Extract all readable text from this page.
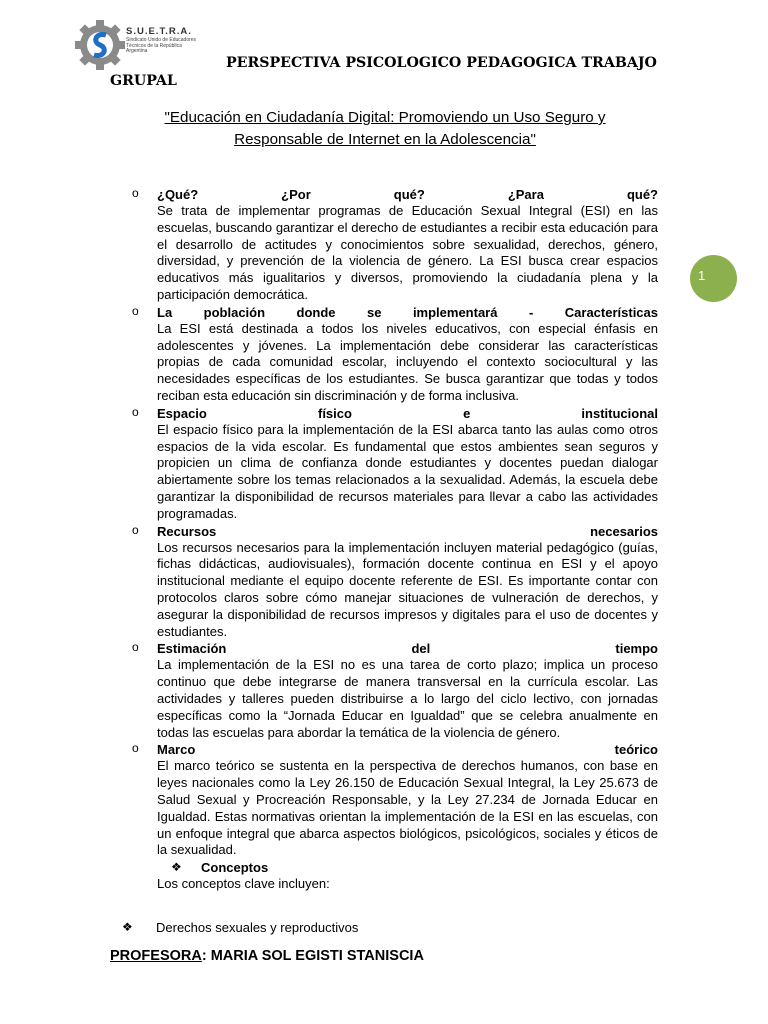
S.U.E.T.R.A.
Sindicato Unido de Educadores Técnicos de la República Argentina
PERSPECTIVA PSICOLOGICO PEDAGOGICA TRABAJO
GRUPAL
"Educación en Ciudadanía Digital: Promoviendo un Uso Seguro y
Responsable de Internet en la Adolescencia"
1
o ¿Qué? ¿Por qué? ¿Para qué?
Se trata de implementar programas de Educación Sexual Integral (ESI) en las escuelas, buscando garantizar el derecho de estudiantes a recibir esta educación para el desarrollo de actitudes y conocimientos sobre sexualidad, derechos, género, diversidad, y prevención de la violencia de género. La ESI busca crear espacios educativos más igualitarios y diversos, promoviendo la ciudadanía plena y la participación democrática.
o La población donde se implementará - Características
La ESI está destinada a todos los niveles educativos, con especial énfasis en adolescentes y jóvenes. La implementación debe considerar las características propias de cada comunidad escolar, incluyendo el contexto sociocultural y las necesidades específicas de los estudiantes. Se busca garantizar que todas y todos reciban esta educación sin discriminación y de forma inclusiva.
o Espacio físico e institucional
El espacio físico para la implementación de la ESI abarca tanto las aulas como otros espacios de la vida escolar. Es fundamental que estos ambientes sean seguros y propicien un clima de confianza donde estudiantes y docentes puedan dialogar abiertamente sobre los temas relacionados a la sexualidad. Además, la escuela debe garantizar la disponibilidad de recursos materiales para llevar a cabo las actividades programadas.
o Recursos necesarios
Los recursos necesarios para la implementación incluyen material pedagógico (guías, fichas didácticas, audiovisuales), formación docente continua en ESI y el apoyo institucional mediante el equipo docente referente de ESI. Es importante contar con protocolos claros sobre cómo manejar situaciones de vulneración de derechos, y asegurar la disponibilidad de recursos impresos y digitales para el uso de docentes y estudiantes.
o Estimación del tiempo
La implementación de la ESI no es una tarea de corto plazo; implica un proceso continuo que debe integrarse de manera transversal en la currícula escolar. Las actividades y talleres pueden distribuirse a lo largo del ciclo lectivo, con jornadas específicas como la “Jornada Educar en Igualdad” que se celebra anualmente en todas las escuelas para abordar la temática de la violencia de género.
o Marco teórico
El marco teórico se sustenta en la perspectiva de derechos humanos, con base en leyes nacionales como la Ley 26.150 de Educación Sexual Integral, la Ley 25.673 de Salud Sexual y Procreación Responsable, y la Ley 27.234 de Jornada Educar en Igualdad. Estas normativas orientan la implementación de la ESI en las escuelas, con un enfoque integral que abarca aspectos biológicos, psicológicos, sociales y éticos de la sexualidad.
❖ Conceptos
Los conceptos clave incluyen:
❖ Derechos sexuales y reproductivos
PROFESORA: MARIA SOL EGISTI STANISCIA
